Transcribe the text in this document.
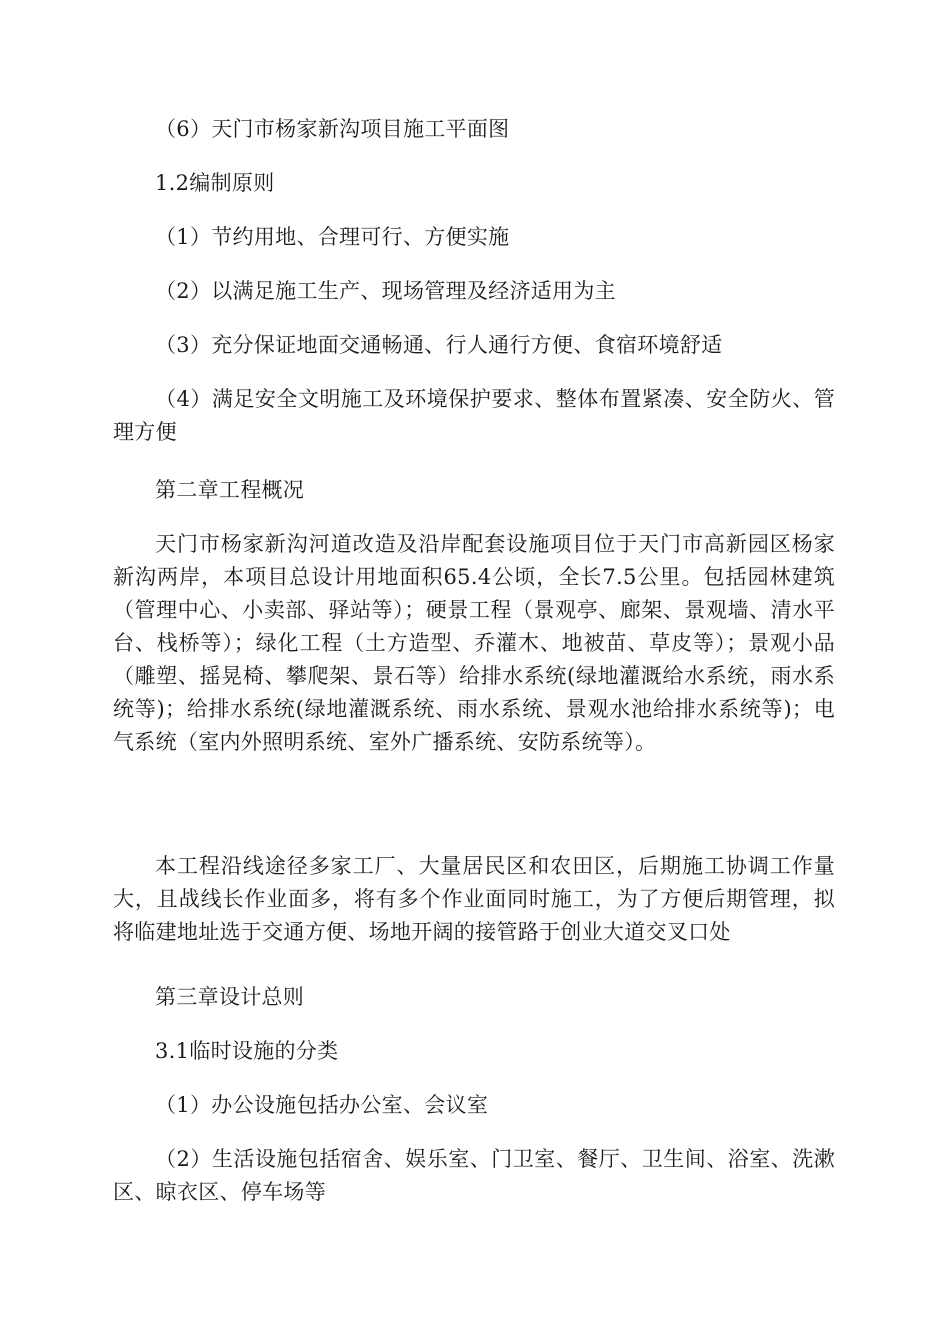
（6）天门市杨家新沟项目施工平面图

1.2编制原则

（1）节约用地、合理可行、方便实施

（2）以满足施工生产、现场管理及经济适用为主

（3）充分保证地面交通畅通、行人通行方便、食宿环境舒适

（4）满足安全文明施工及环境保护要求、整体布置紧凑、安全防火、管理方便

第二章工程概况

天门市杨家新沟河道改造及沿岸配套设施项目位于天门市高新园区杨家新沟两岸，本项目总设计用地面积65.4公顷，全长7.5公里。包括园林建筑（管理中心、小卖部、驿站等）；硬景工程（景观亭、廊架、景观墙、清水平台、栈桥等）；绿化工程（土方造型、乔灌木、地被苗、草皮等）；景观小品（雕塑、摇晃椅、攀爬架、景石等）给排水系统(绿地灌溉给水系统，雨水系统等)；给排水系统(绿地灌溉系统、雨水系统、景观水池给排水系统等)；电气系统（室内外照明系统、室外广播系统、安防系统等）。

本工程沿线途径多家工厂、大量居民区和农田区，后期施工协调工作量大，且战线长作业面多，将有多个作业面同时施工，为了方便后期管理，拟将临建地址选于交通方便、场地开阔的接管路于创业大道交叉口处

第三章设计总则

3.1临时设施的分类

（1）办公设施包括办公室、会议室

（2）生活设施包括宿舍、娱乐室、门卫室、餐厅、卫生间、浴室、洗漱区、晾衣区、停车场等
